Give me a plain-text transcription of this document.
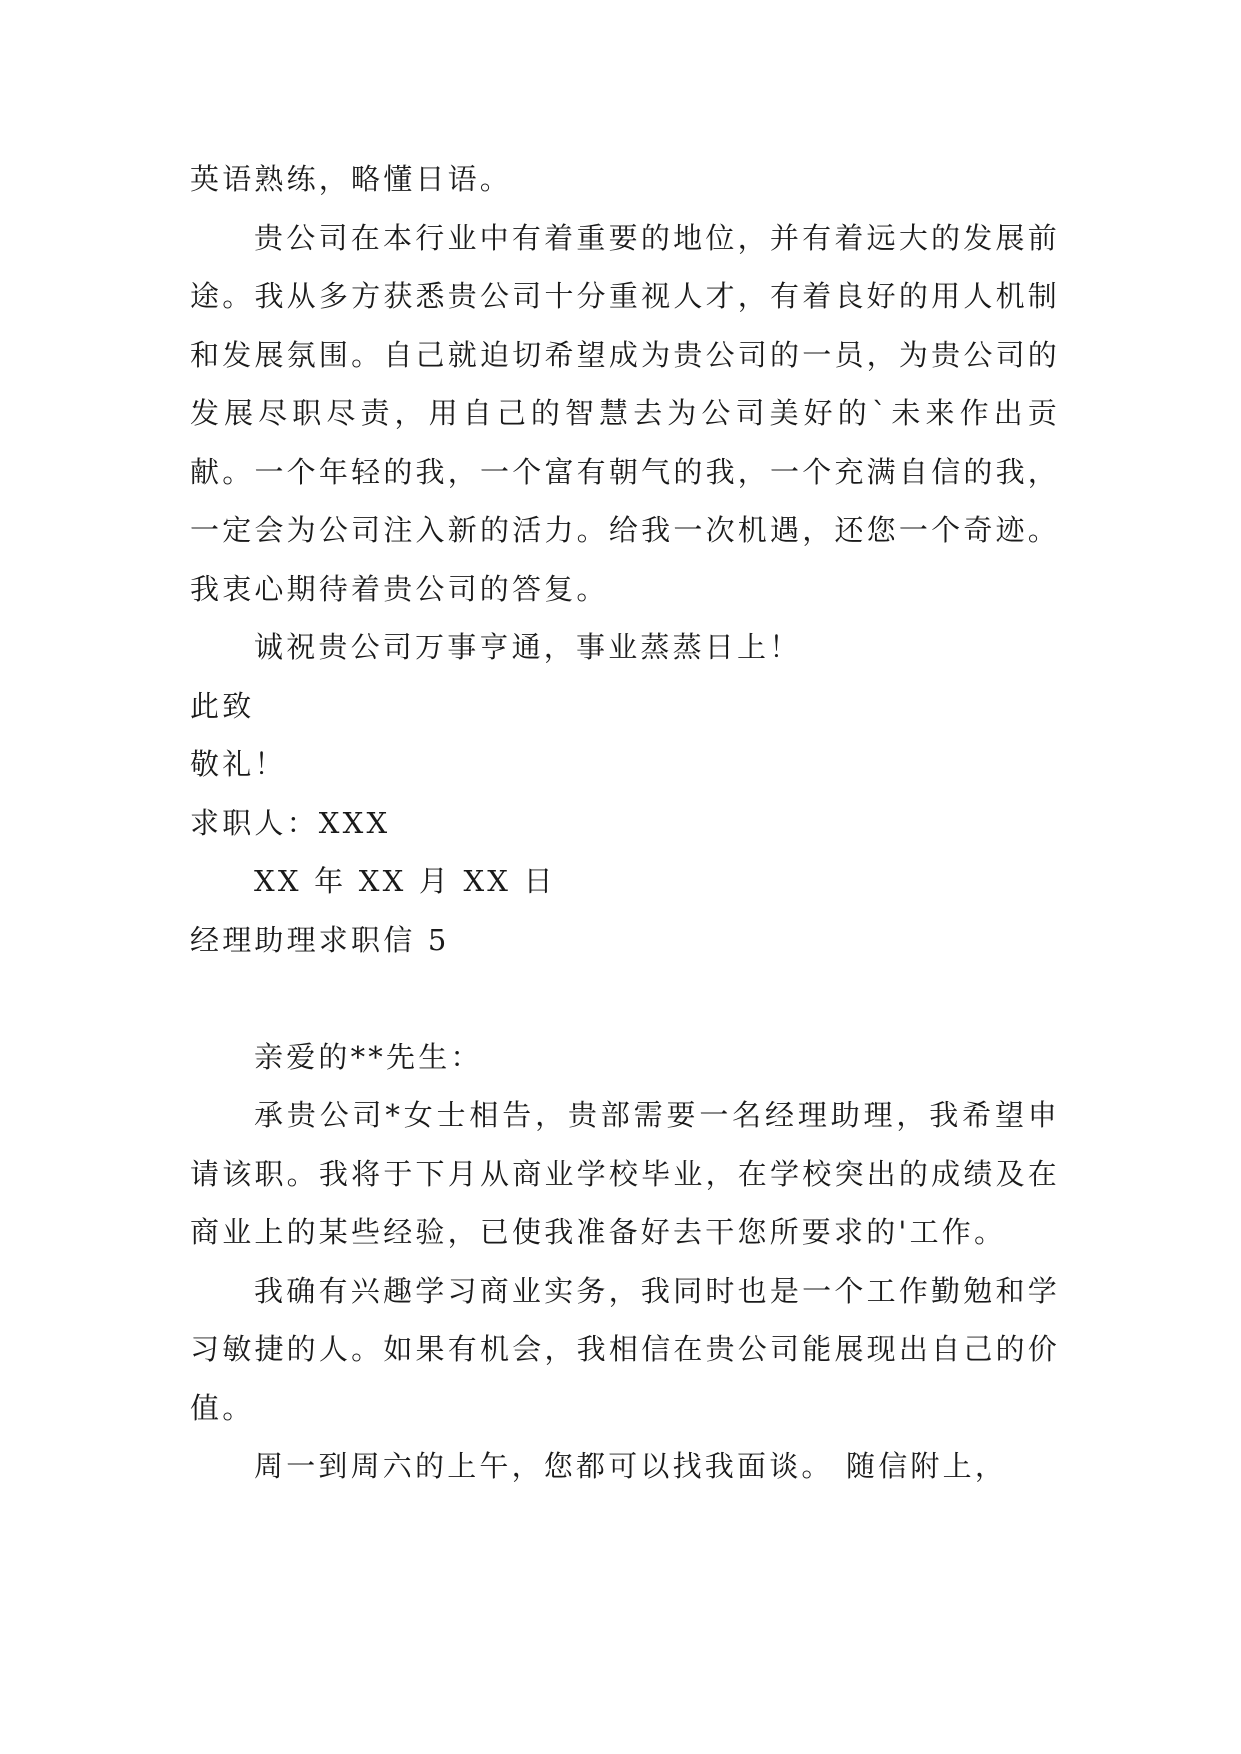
英语熟练，略懂日语。

贵公司在本行业中有着重要的地位，并有着远大的发展前途。我从多方获悉贵公司十分重视人才，有着良好的用人机制和发展氛围。自己就迫切希望成为贵公司的一员，为贵公司的发展尽职尽责，用自己的智慧去为公司美好的`未来作出贡献。一个年轻的我，一个富有朝气的我，一个充满自信的我，一定会为公司注入新的活力。给我一次机遇，还您一个奇迹。我衷心期待着贵公司的答复。

诚祝贵公司万事亨通，事业蒸蒸日上！

此致

敬礼！

求职人：XXX

XX 年 XX 月 XX 日

经理助理求职信 5

亲爱的**先生：

承贵公司*女士相告，贵部需要一名经理助理，我希望申请该职。我将于下月从商业学校毕业，在学校突出的成绩及在商业上的某些经验，已使我准备好去干您所要求的'工作。

我确有兴趣学习商业实务，我同时也是一个工作勤勉和学习敏捷的人。如果有机会，我相信在贵公司能展现出自己的价值。

周一到周六的上午，您都可以找我面谈。 随信附上，
